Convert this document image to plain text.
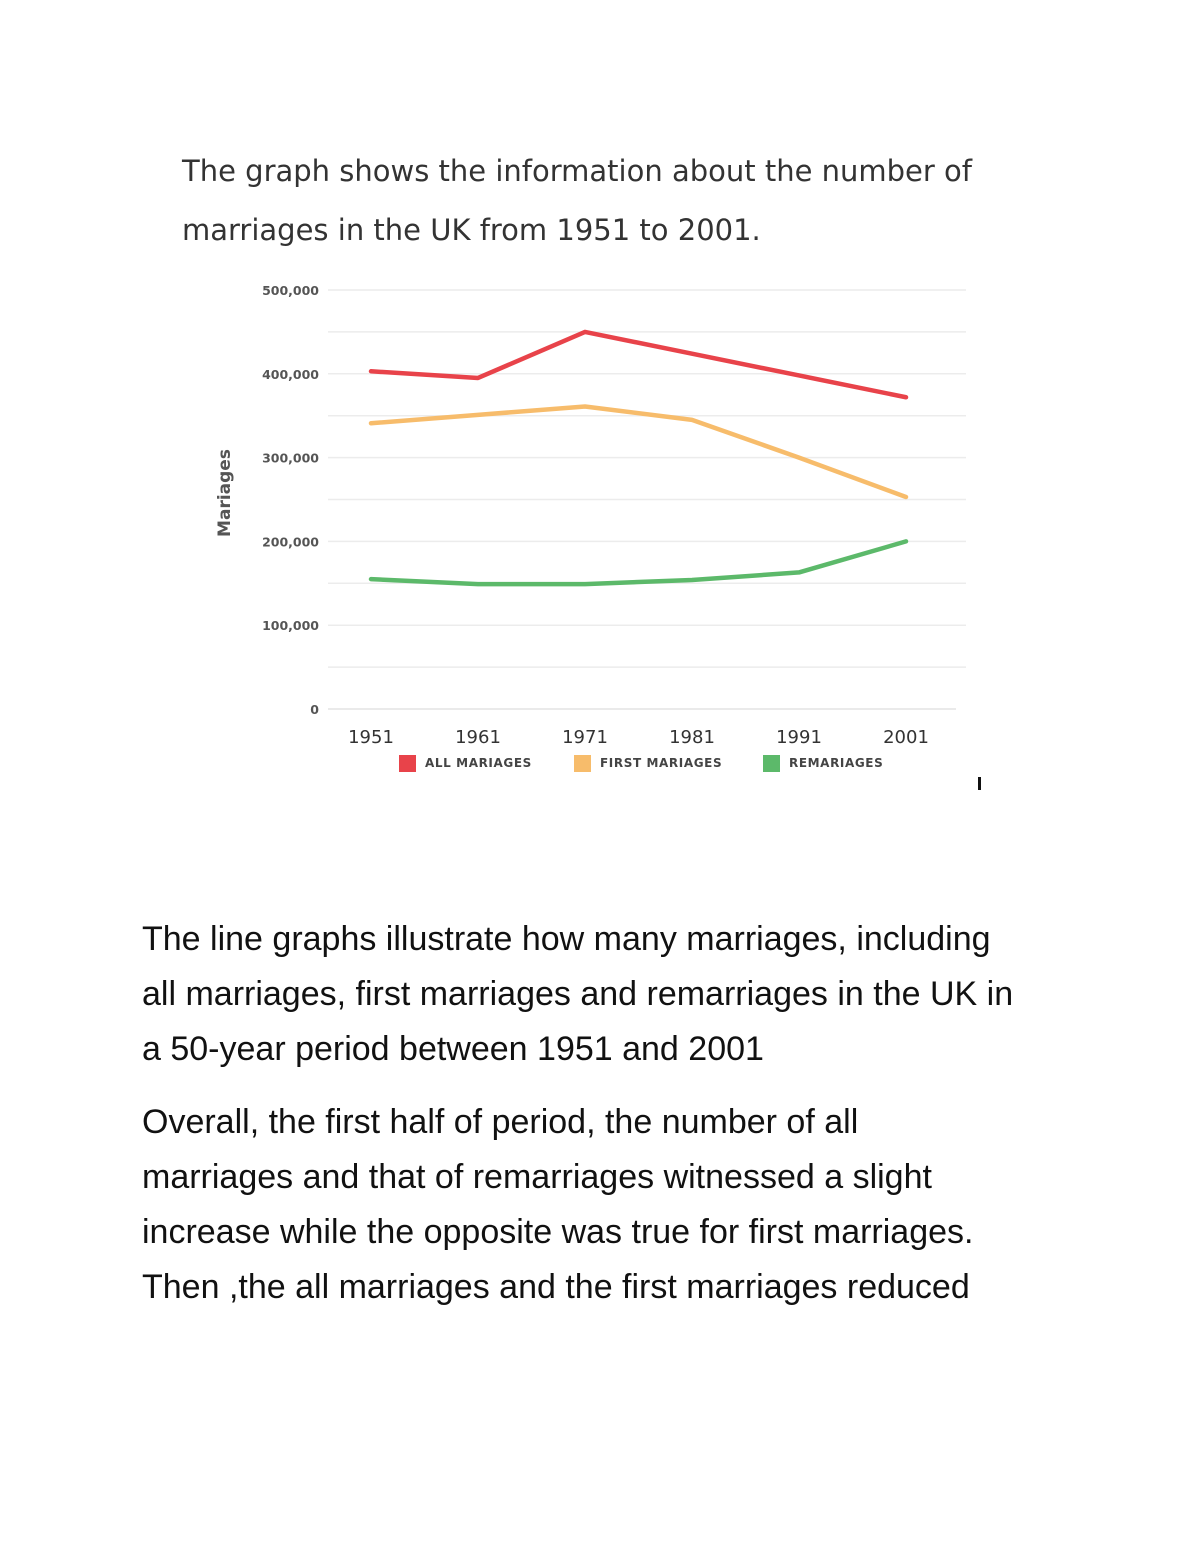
The graph shows the information about the number of
marriages in the UK from 1951 to 2001.
0
100,000
200,000
300,000
400,000
500,000
1951	1961	1971	1981	1991	2001
ALL MARIAGES	FIRST MARIAGES	REMARIAGES
Mariages

The line graphs illustrate how many marriages, including
all marriages, first marriages and remarriages in the UK in
a 50-year period between 1951 and 2001

Overall, the first half of period, the number of all
marriages and that of remarriages witnessed a slight
increase while the opposite was true for first marriages.
Then ,the all marriages and the first marriages reduced
